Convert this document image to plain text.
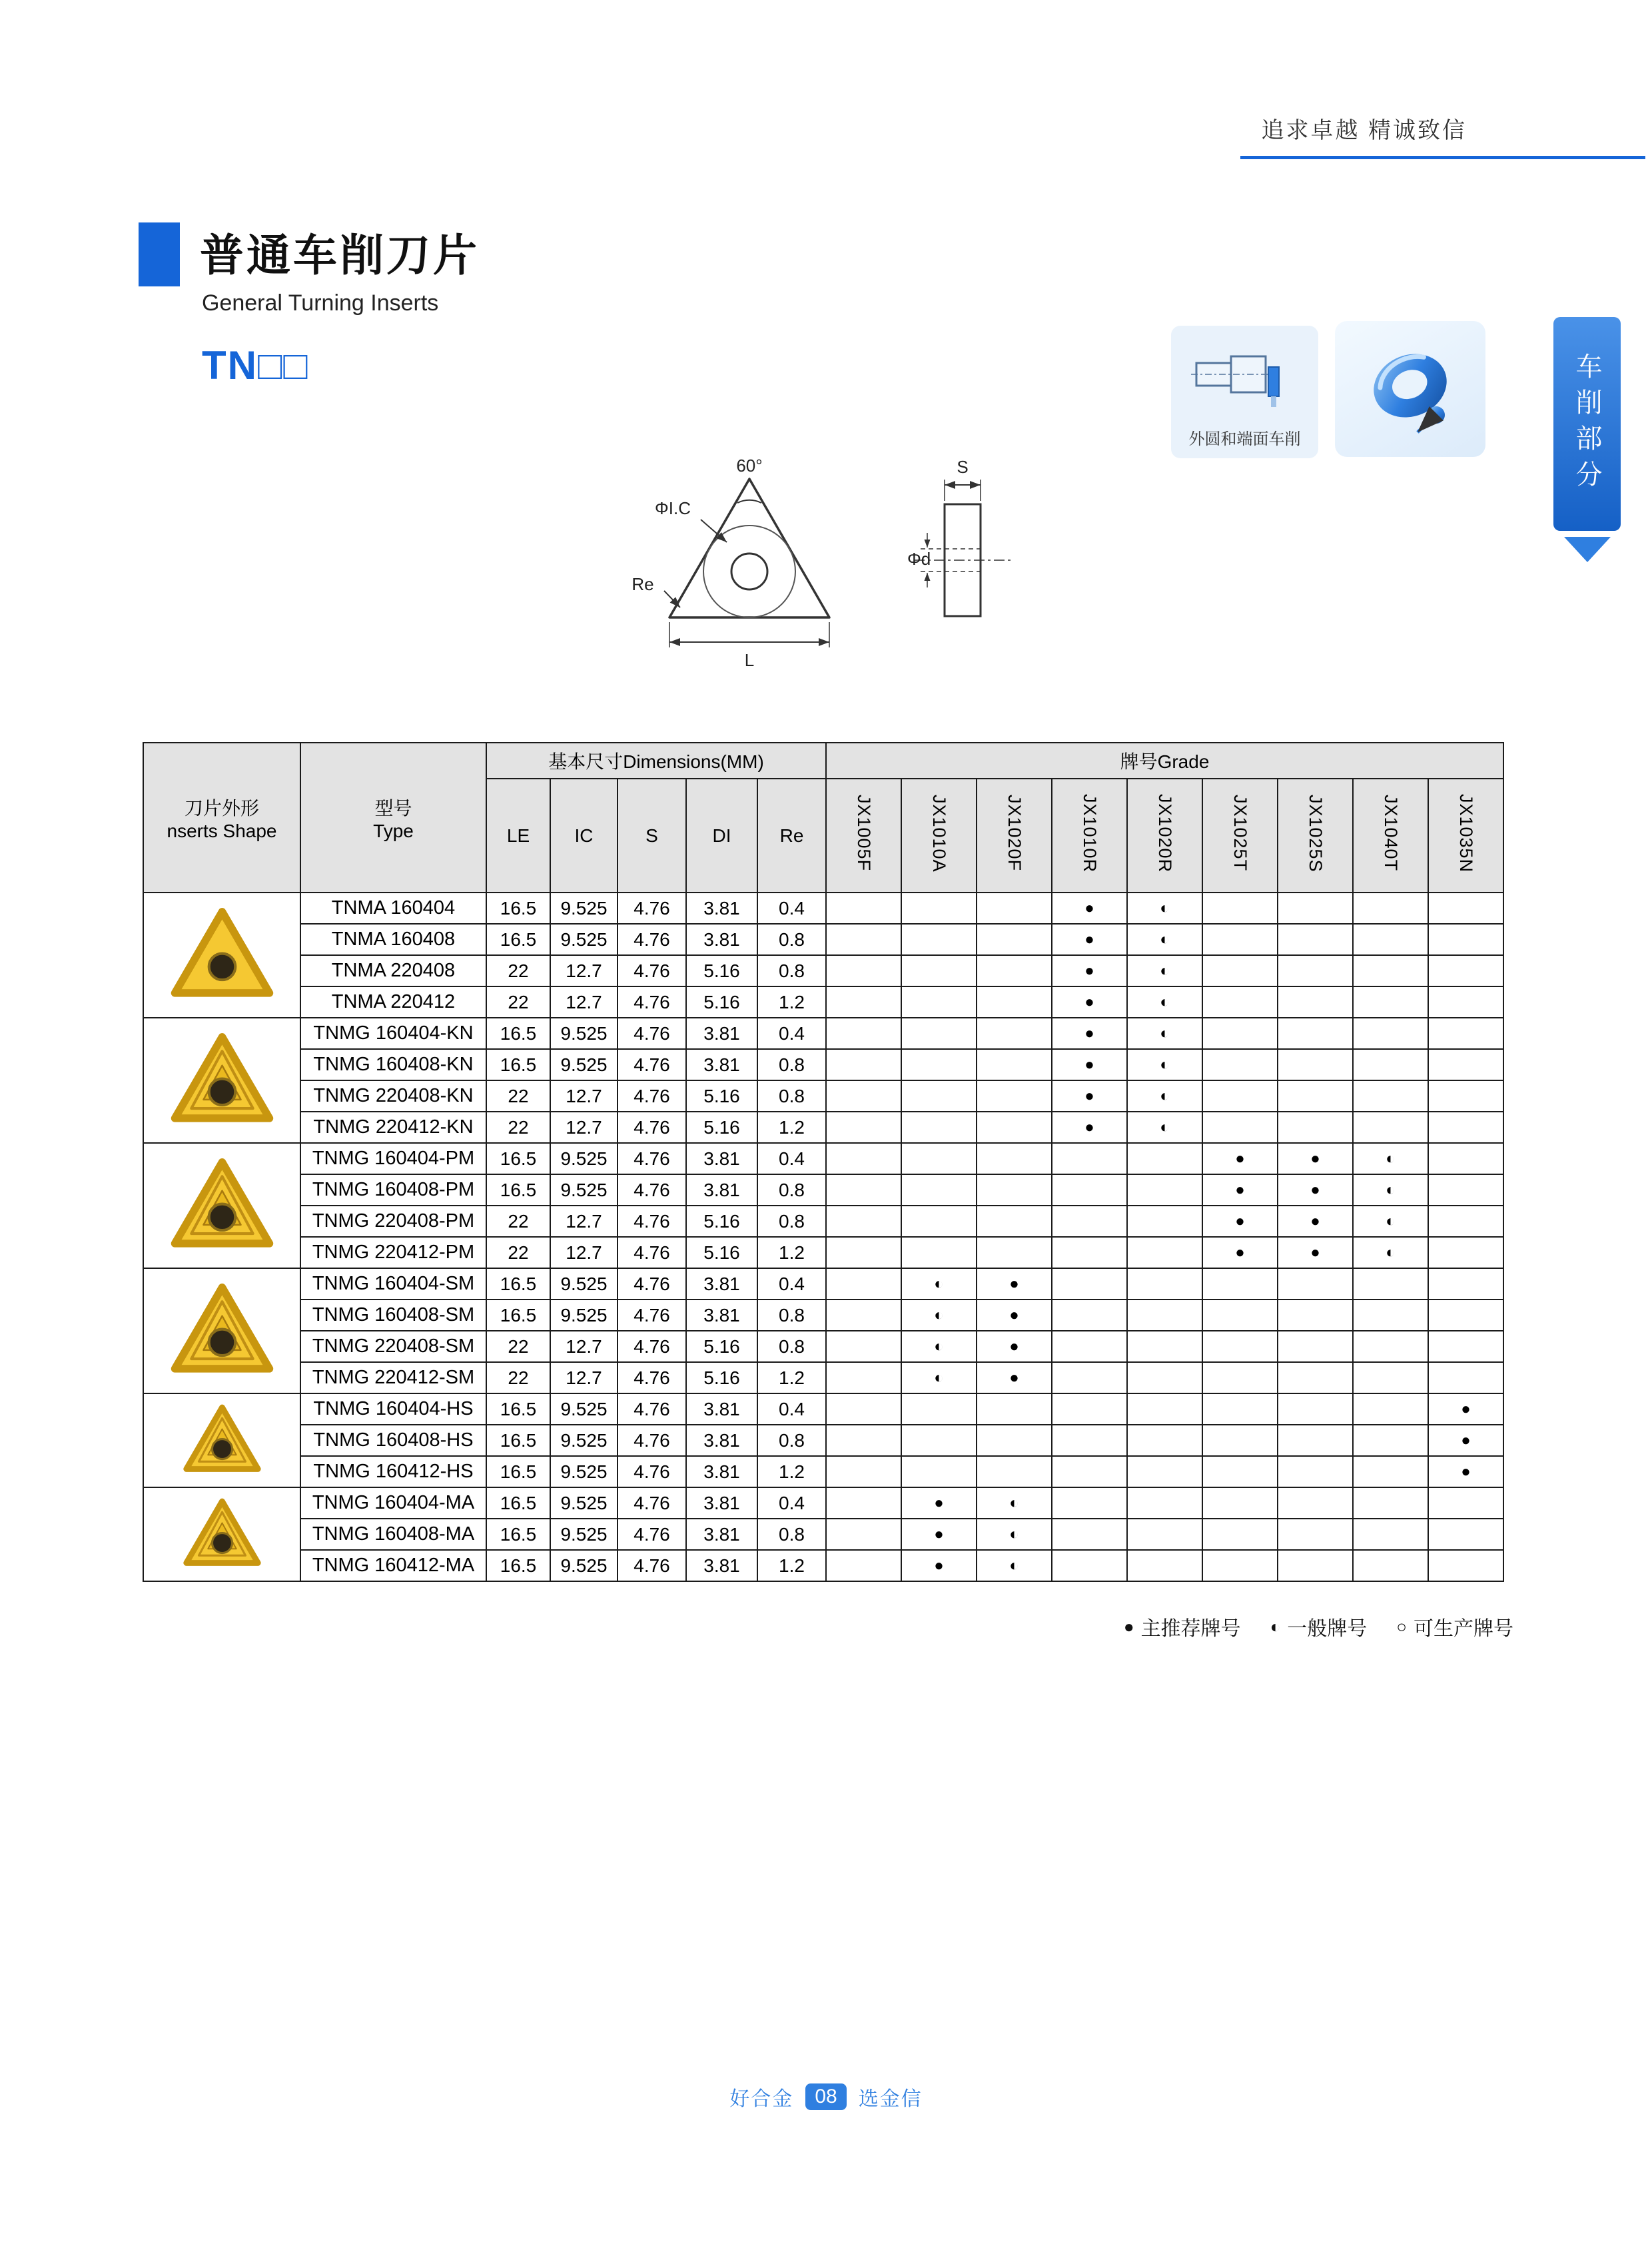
追求卓越 精诚致信
普通车削刀片
General Turning Inserts
TN□□
60°
ΦI.C
Re
L
S
Φd
外圆和端面车削	车削部分
刀片外形
nserts Shape

型号
Type
	基本尺寸Dimensions(MM)	牌号Grade
		LE	IC	S	DI	Re	JX1005F	JX1010A	JX1020F	JX1010R	JX1020R	JX1025T	JX1025S	JX1040T	JX1035N
	TNMA 160404	16.5	9.525	4.76	3.81	0.4				●	◐				
	TNMA 160408	16.5	9.525	4.76	3.81	0.8				●	◐				
	TNMA 220408	22	12.7	4.76	5.16	0.8				●	◐				
	TNMA 220412	22	12.7	4.76	5.16	1.2				●	◐				
	TNMG 160404-KN	16.5	9.525	4.76	3.81	0.4				●	◐				
	TNMG 160408-KN	16.5	9.525	4.76	3.81	0.8				●	◐				
	TNMG 220408-KN	22	12.7	4.76	5.16	0.8				●	◐				
	TNMG 220412-KN	22	12.7	4.76	5.16	1.2				●	◐				
	TNMG 160404-PM	16.5	9.525	4.76	3.81	0.4						●	●	◐	
	TNMG 160408-PM	16.5	9.525	4.76	3.81	0.8						●	●	◐	
	TNMG 220408-PM	22	12.7	4.76	5.16	0.8						●	●	◐	
	TNMG 220412-PM	22	12.7	4.76	5.16	1.2						●	●	◐	
	TNMG 160404-SM	16.5	9.525	4.76	3.81	0.4		◐	●						
	TNMG 160408-SM	16.5	9.525	4.76	3.81	0.8		◐	●						
	TNMG 220408-SM	22	12.7	4.76	5.16	0.8		◐	●						
	TNMG 220412-SM	22	12.7	4.76	5.16	1.2		◐	●						
	TNMG 160404-HS	16.5	9.525	4.76	3.81	0.4									●
	TNMG 160408-HS	16.5	9.525	4.76	3.81	0.8									●
	TNMG 160412-HS	16.5	9.525	4.76	3.81	1.2									●
	TNMG 160404-MA	16.5	9.525	4.76	3.81	0.4		●	◐						
	TNMG 160408-MA	16.5	9.525	4.76	3.81	0.8		●	◐						
	TNMG 160412-MA	16.5	9.525	4.76	3.81	1.2		●	◐						
● 主推荐牌号 ◐ 一般牌号 ○ 可生产牌号
好合金	08	选金信
